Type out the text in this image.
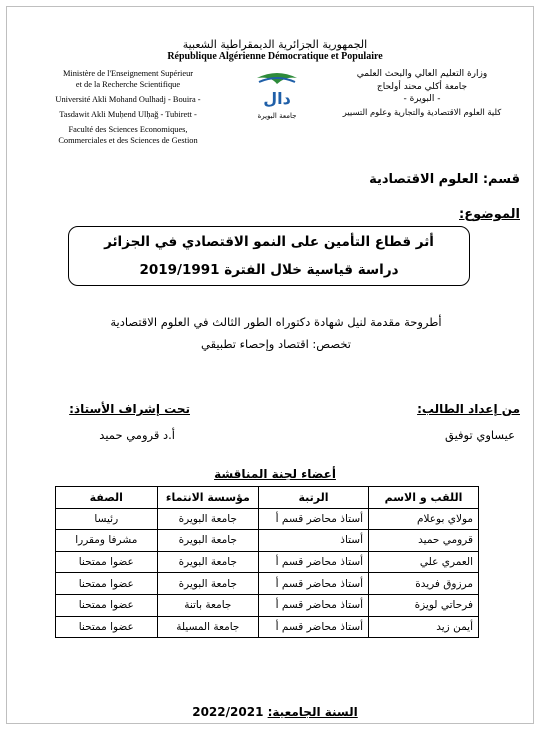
الجمهورية الجزائرية الديمقراطية الشعبية
République Algérienne Démocratique et Populaire
Ministère de l'Enseignement Supérieur
et de la Recherche Scientifique
Université Akli Mohand Oulhadj - Bouira -
Tasdawit Akli Muḥend Ulḥağ - Tubirett -
Faculté des Sciences Economiques,
Commerciales et des Sciences de Gestion
وزارة التعليم العالي والبحث العلمي
جامعة أكلي محند أولحاج
- البويرة -
كلية العلوم الاقتصادية والتجارية وعلوم التسيير
دال
جامعة البويرة
قسم: العلوم الاقتصادية
الموضوع:
أثر قطاع التأمين على النمو الاقتصادي في الجزائر
دراسة قياسية خلال الفترة 2019/1991
أطروحة مقدمة لنيل شهادة دكتوراه الطور الثالث في العلوم الاقتصادية
تخصص: اقتصاد وإحصاء تطبيقي
من إعداد الطالب:
عيساوي توفيق
تحت إشراف الأستاذ:
أ.د قرومي حميد
أعضاء لجنة المناقشة
اللقب و الاسم	الرتبة	مؤسسة الانتماء	الصفة
مولاي بوعلام	أستاذ محاضر قسم أ	جامعة البويرة	رئيسا
قرومي حميد	أستاذ	جامعة البويرة	مشرفا ومقررا
العمري علي	أستاذ محاضر قسم أ	جامعة البويرة	عضوا ممتحنا
مرزوق فريدة	أستاذ محاضر قسم أ	جامعة البويرة	عضوا ممتحنا
فرحاتي لويزة	أستاذ محاضر قسم أ	جامعة باتنة	عضوا ممتحنا
أيمن زيد	أستاذ محاضر قسم أ	جامعة المسيلة	عضوا ممتحنا
السنة الجامعية: 2022/2021
